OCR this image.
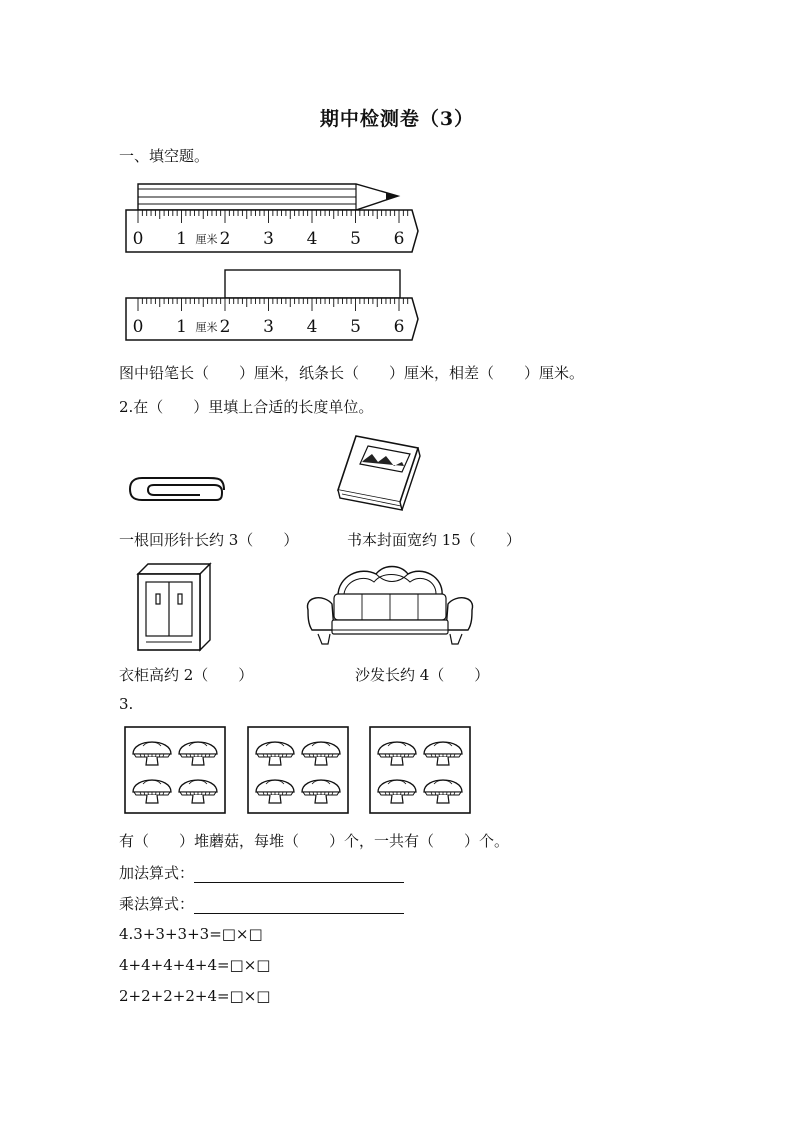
期中检测卷（3）
一、填空题。
0 1 厘米 2 3 4 5 6
0 1 厘米 2 3 4 5 6
图中铅笔长（　　）厘米，纸条长（　　）厘米，相差（　　）厘米。
2.在（　　）里填上合适的长度单位。
一根回形针长约 3（　　）	书本封面宽约 15（　　）
衣柜高约 2（　　）	沙发长约 4（　　）
3.
有（　　）堆蘑菇，每堆（　　）个，一共有（　　）个。
加法算式：
乘法算式：
4.3+3+3+3=□×□
4+4+4+4+4=□×□
2+2+2+2+4=□×□
